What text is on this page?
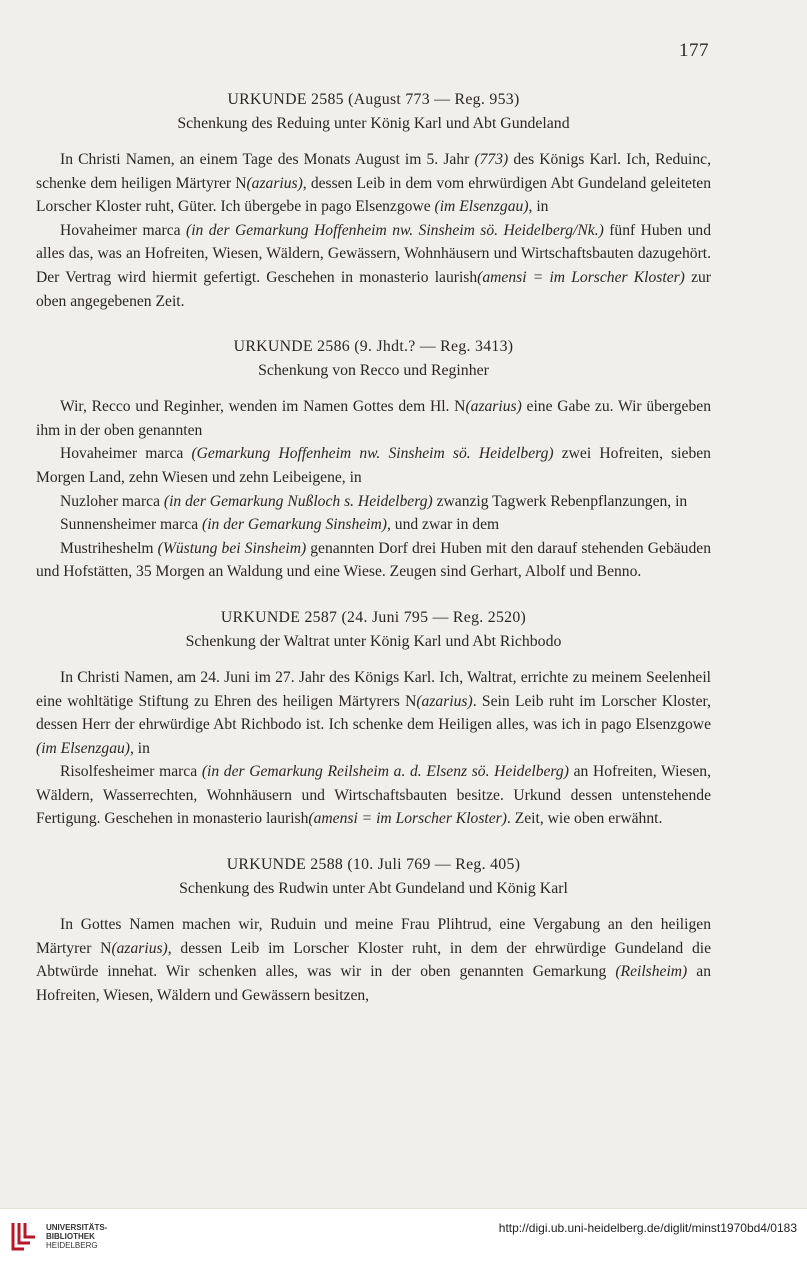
177
URKUNDE 2585 (August 773 — Reg. 953)
Schenkung des Reduing unter König Karl und Abt Gundeland

In Christi Namen, an einem Tage des Monats August im 5. Jahr (773) des Königs Karl. Ich, Reduinc, schenke dem heiligen Märtyrer N(azarius), dessen Leib in dem vom ehrwürdigen Abt Gundeland geleiteten Lorscher Kloster ruht, Güter. Ich übergebe in pago Elsenzgowe (im Elsenzgau), in

Hovaheimer marca (in der Gemarkung Hoffenheim nw. Sinsheim sö. Heidelberg/Nk.) fünf Huben und alles das, was an Hofreiten, Wiesen, Wäldern, Gewässern, Wohnhäusern und Wirtschaftsbauten dazugehört. Der Vertrag wird hiermit gefertigt. Geschehen in monasterio laurish(amensi = im Lorscher Kloster) zur oben angegebenen Zeit.

URKUNDE 2586 (9. Jhdt.? — Reg. 3413)
Schenkung von Recco und Reginher

Wir, Recco und Reginher, wenden im Namen Gottes dem Hl. N(azarius) eine Gabe zu. Wir übergeben ihm in der oben genannten

Hovaheimer marca (Gemarkung Hoffenheim nw. Sinsheim sö. Heidelberg) zwei Hofreiten, sieben Morgen Land, zehn Wiesen und zehn Leibeigene, in

Nuzloher marca (in der Gemarkung Nußloch s. Heidelberg) zwanzig Tagwerk Rebenpflanzungen, in

Sunnensheimer marca (in der Gemarkung Sinsheim), und zwar in dem

Mustriheshelm (Wüstung bei Sinsheim) genannten Dorf drei Huben mit den darauf stehenden Gebäuden und Hofstätten, 35 Morgen an Waldung und eine Wiese. Zeugen sind Gerhart, Albolf und Benno.

URKUNDE 2587 (24. Juni 795 — Reg. 2520)
Schenkung der Waltrat unter König Karl und Abt Richbodo

In Christi Namen, am 24. Juni im 27. Jahr des Königs Karl. Ich, Waltrat, errichte zu meinem Seelenheil eine wohltätige Stiftung zu Ehren des heiligen Märtyrers N(azarius). Sein Leib ruht im Lorscher Kloster, dessen Herr der ehrwürdige Abt Richbodo ist. Ich schenke dem Heiligen alles, was ich in pago Elsenzgowe (im Elsenzgau), in

Risolfesheimer marca (in der Gemarkung Reilsheim a. d. Elsenz sö. Heidelberg) an Hofreiten, Wiesen, Wäldern, Wasserrechten, Wohnhäusern und Wirtschaftsbauten besitze. Urkund dessen untenstehende Fertigung. Geschehen in monasterio laurish(amensi = im Lorscher Kloster). Zeit, wie oben erwähnt.

URKUNDE 2588 (10. Juli 769 — Reg. 405)
Schenkung des Rudwin unter Abt Gundeland und König Karl

In Gottes Namen machen wir, Ruduin und meine Frau Plihtrud, eine Vergabung an den heiligen Märtyrer N(azarius), dessen Leib im Lorscher Kloster ruht, in dem der ehrwürdige Gundeland die Abtwürde innehat. Wir schenken alles, was wir in der oben genannten Gemarkung (Reilsheim) an Hofreiten, Wiesen, Wäldern und Gewässern besitzen,

UNIVERSITÄTS-
BIBLIOTHEK
HEIDELBERG
http://digi.ub.uni-heidelberg.de/diglit/minst1970bd4/0183
